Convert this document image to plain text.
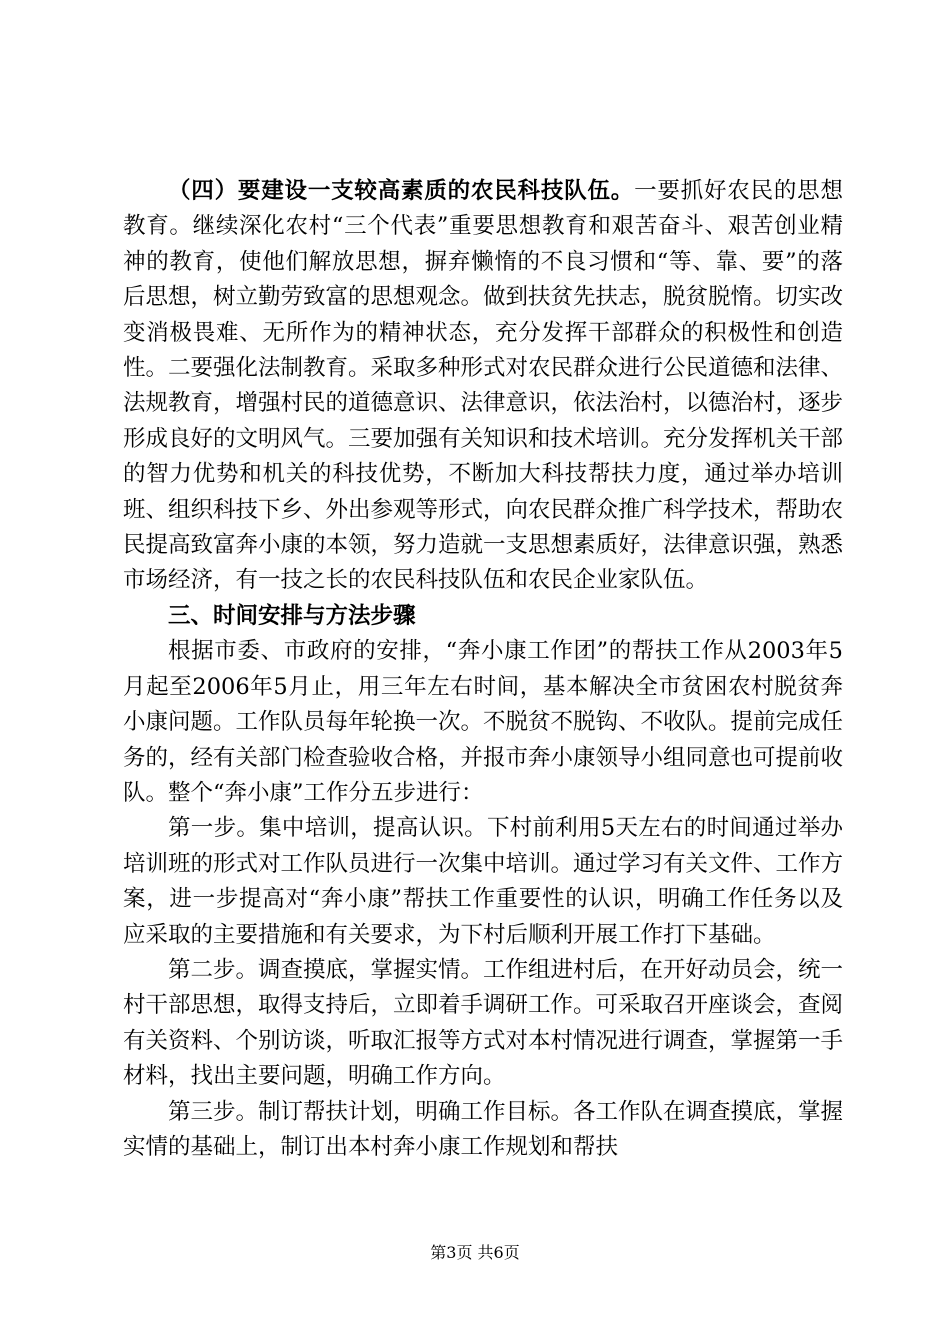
（四）要建设一支较高素质的农民科技队伍。一要抓好农民的思想教育。继续深化农村“三个代表”重要思想教育和艰苦奋斗、艰苦创业精神的教育，使他们解放思想，摒弃懒惰的不良习惯和“等、靠、要”的落后思想，树立勤劳致富的思想观念。做到扶贫先扶志，脱贫脱惰。切实改变消极畏难、无所作为的精神状态，充分发挥干部群众的积极性和创造性。二要强化法制教育。采取多种形式对农民群众进行公民道德和法律、法规教育，增强村民的道德意识、法律意识，依法治村，以德治村，逐步形成良好的文明风气。三要加强有关知识和技术培训。充分发挥机关干部的智力优势和机关的科技优势，不断加大科技帮扶力度，通过举办培训班、组织科技下乡、外出参观等形式，向农民群众推广科学技术，帮助农民提高致富奔小康的本领，努力造就一支思想素质好，法律意识强，熟悉市场经济，有一技之长的农民科技队伍和农民企业家队伍。

三、时间安排与方法步骤

根据市委、市政府的安排，“奔小康工作团”的帮扶工作从2003年5月起至2006年5月止，用三年左右时间，基本解决全市贫困农村脱贫奔小康问题。工作队员每年轮换一次。不脱贫不脱钩、不收队。提前完成任务的，经有关部门检查验收合格，并报市奔小康领导小组同意也可提前收队。整个“奔小康”工作分五步进行：

第一步。集中培训，提高认识。下村前利用5天左右的时间通过举办培训班的形式对工作队员进行一次集中培训。通过学习有关文件、工作方案，进一步提高对“奔小康”帮扶工作重要性的认识，明确工作任务以及应采取的主要措施和有关要求，为下村后顺利开展工作打下基础。

第二步。调查摸底，掌握实情。工作组进村后，在开好动员会，统一村干部思想，取得支持后，立即着手调研工作。可采取召开座谈会，查阅有关资料、个别访谈，听取汇报等方式对本村情况进行调查，掌握第一手材料，找出主要问题，明确工作方向。

第三步。制订帮扶计划，明确工作目标。各工作队在调查摸底，掌握实情的基础上，制订出本村奔小康工作规划和帮扶

第3页 共6页
